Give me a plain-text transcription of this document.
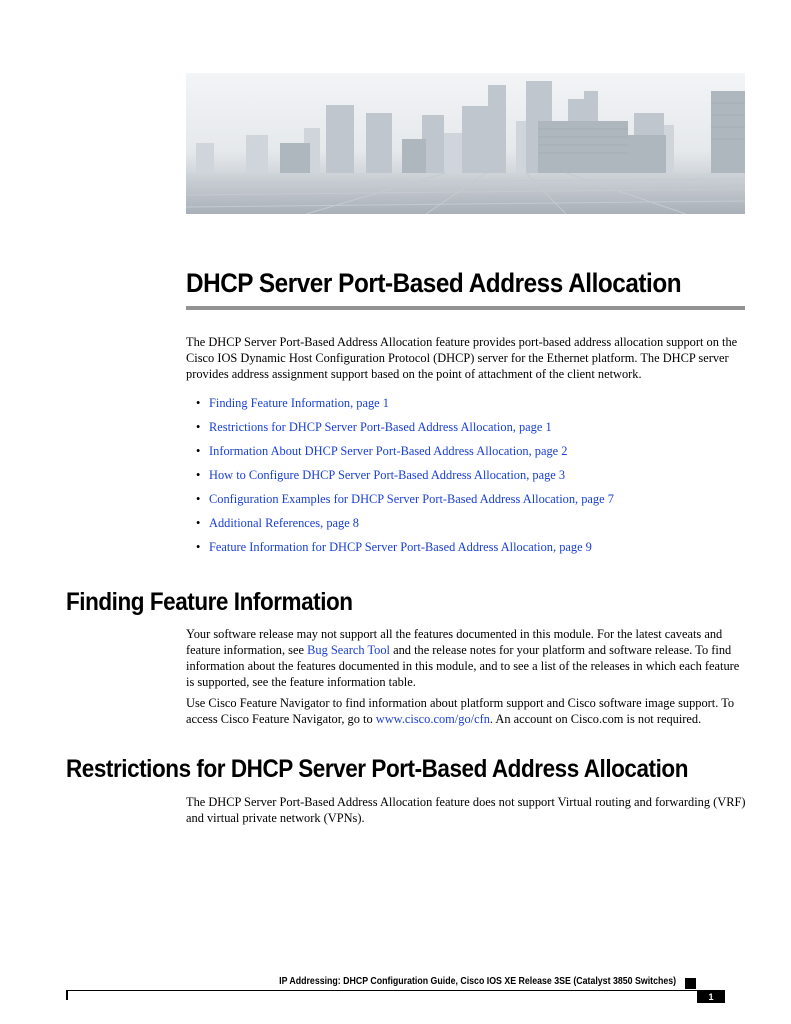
DHCP Server Port-Based Address Allocation

The DHCP Server Port-Based Address Allocation feature provides port-based address allocation support on the Cisco IOS Dynamic Host Configuration Protocol (DHCP) server for the Ethernet platform. The DHCP server provides address assignment support based on the point of attachment of the client network.

• Finding Feature Information, page 1
• Restrictions for DHCP Server Port-Based Address Allocation, page 1
• Information About DHCP Server Port-Based Address Allocation, page 2
• How to Configure DHCP Server Port-Based Address Allocation, page 3
• Configuration Examples for DHCP Server Port-Based Address Allocation, page 7
• Additional References, page 8
• Feature Information for DHCP Server Port-Based Address Allocation, page 9
Finding Feature Information

Your software release may not support all the features documented in this module. For the latest caveats and feature information, see Bug Search Tool and the release notes for your platform and software release. To find information about the features documented in this module, and to see a list of the releases in which each feature is supported, see the feature information table.

Use Cisco Feature Navigator to find information about platform support and Cisco software image support. To access Cisco Feature Navigator, go to www.cisco.com/go/cfn. An account on Cisco.com is not required.

Restrictions for DHCP Server Port-Based Address Allocation

The DHCP Server Port-Based Address Allocation feature does not support Virtual routing and forwarding (VRF) and virtual private network (VPNs).

IP Addressing: DHCP Configuration Guide, Cisco IOS XE Release 3SE (Catalyst 3850 Switches)

1
